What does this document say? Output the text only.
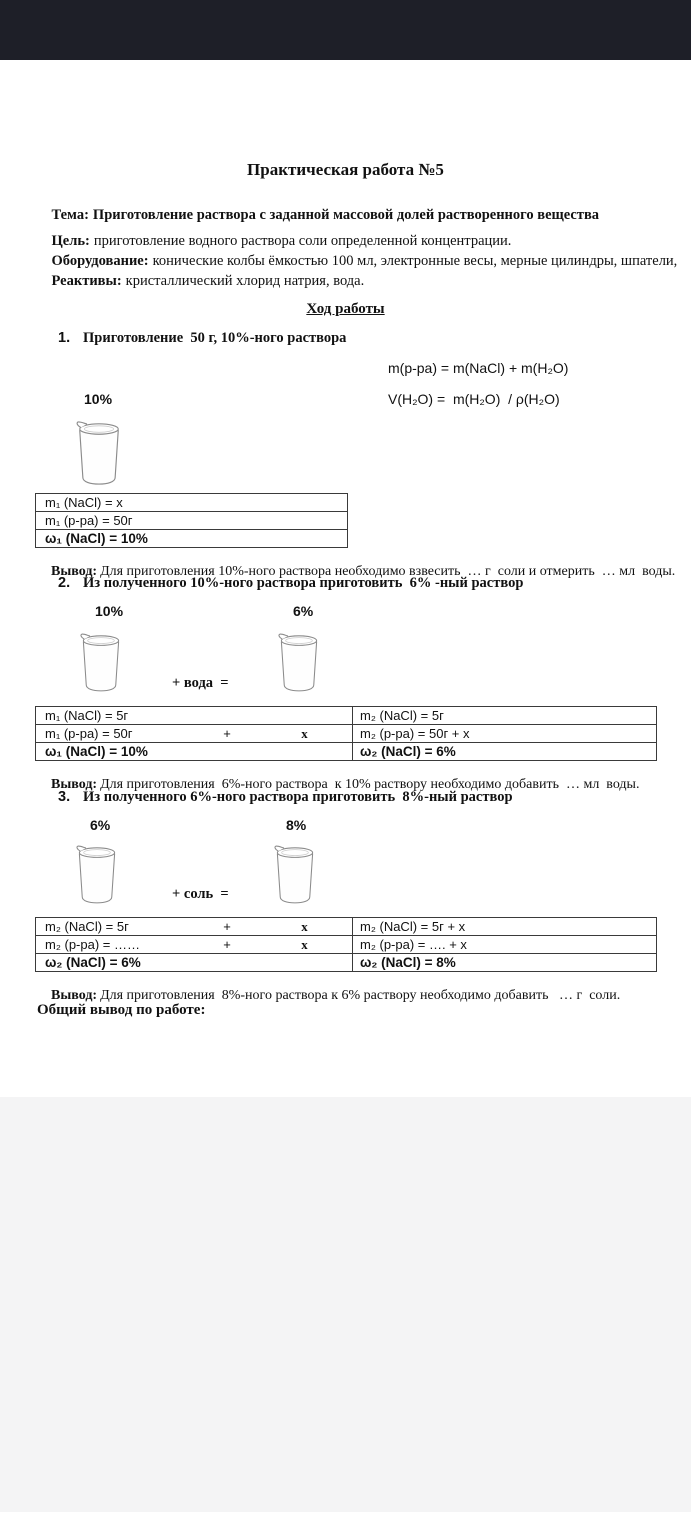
Практическая работа №5

Тема: Приготовление раствора с заданной массовой долей растворенного вещества

Цель: приготовление водного раствора соли определенной концентрации.

Оборудование: конические колбы ёмкостью 100 мл, электронные весы, мерные цилиндры, шпатели,

Реактивы: кристаллический хлорид натрия, вода.

Ход работы
1. Приготовление  50 г, 10%-ного раствора
m(р-ра) = m(NaCl) + m(H₂O)
V(H₂O) =  m(H₂O)  / ρ(H₂O)
10%
m₁ (NaCl) = x
m₁ (р-ра) = 50г
ω₁ (NaCl) = 10%

Вывод: Для приготовления 10%-ного раствора необходимо взвесить  … г  соли и отмерить  … мл  воды.

2. Из полученного 10%-ного раствора приготовить  6% -ный раствор
10%	6%
+ вода  =
m₁ (NaCl) = 5г	m₂ (NaCl) = 5г
m₁ (р-ра) = 50г	+	х	m₂ (р-ра) = 50г + х
ω₁ (NaCl) = 10%	ω₂ (NaCl) = 6%

Вывод: Для приготовления  6%-ного раствора  к 10% раствору необходимо добавить  … мл  воды.

3. Из полученного 6%-ного раствора приготовить  8%-ный раствор
6%	8%
+ соль  =
m₂ (NaCl) = 5г	+	х	m₂ (NaCl) = 5г + х
m₂ (р-ра) = ……	+	х	m₂ (р-ра) = …. + х
ω₂ (NaCl) = 6%	ω₂ (NaCl) = 8%

Вывод: Для приготовления  8%-ного раствора к 6% раствору необходимо добавить   … г  соли.

Общий вывод по работе:
